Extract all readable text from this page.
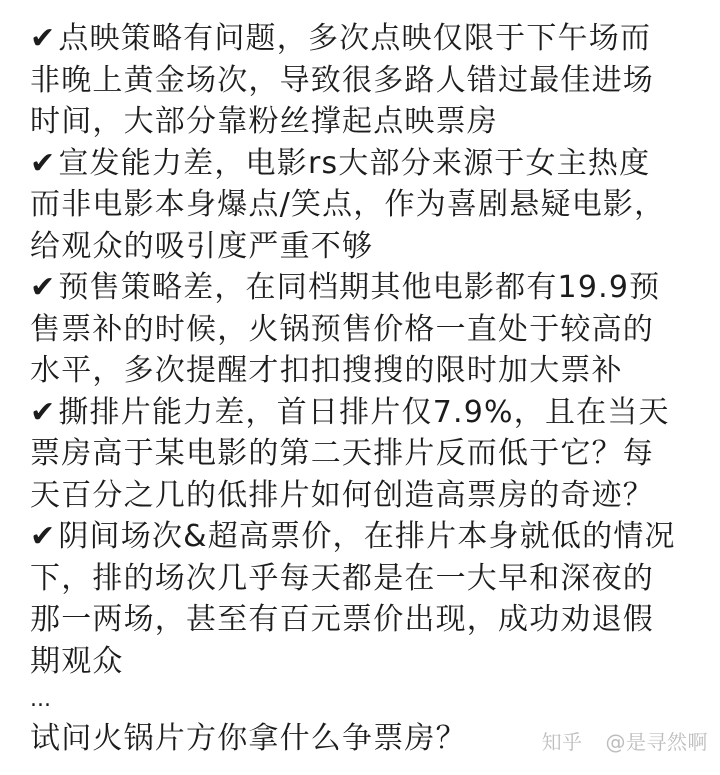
✔点映策略有问题，多次点映仅限于下午场而
非晚上黄金场次，导致很多路人错过最佳进场
时间，大部分靠粉丝撑起点映票房

✔宣发能力差，电影rs大部分来源于女主热度
而非电影本身爆点/笑点，作为喜剧悬疑电影，
给观众的吸引度严重不够

✔预售策略差，在同档期其他电影都有19.9预
售票补的时候，火锅预售价格一直处于较高的
水平，多次提醒才扣扣搜搜的限时加大票补

✔撕排片能力差，首日排片仅7.9%，且在当天
票房高于某电影的第二天排片反而低于它？每
天百分之几的低排片如何创造高票房的奇迹？

✔阴间场次&超高票价，在排片本身就低的情况
下，排的场次几乎每天都是在一大早和深夜的
那一两场，甚至有百元票价出现，成功劝退假
期观众

...

试问火锅片方你拿什么争票房？	知乎 @是寻然啊
